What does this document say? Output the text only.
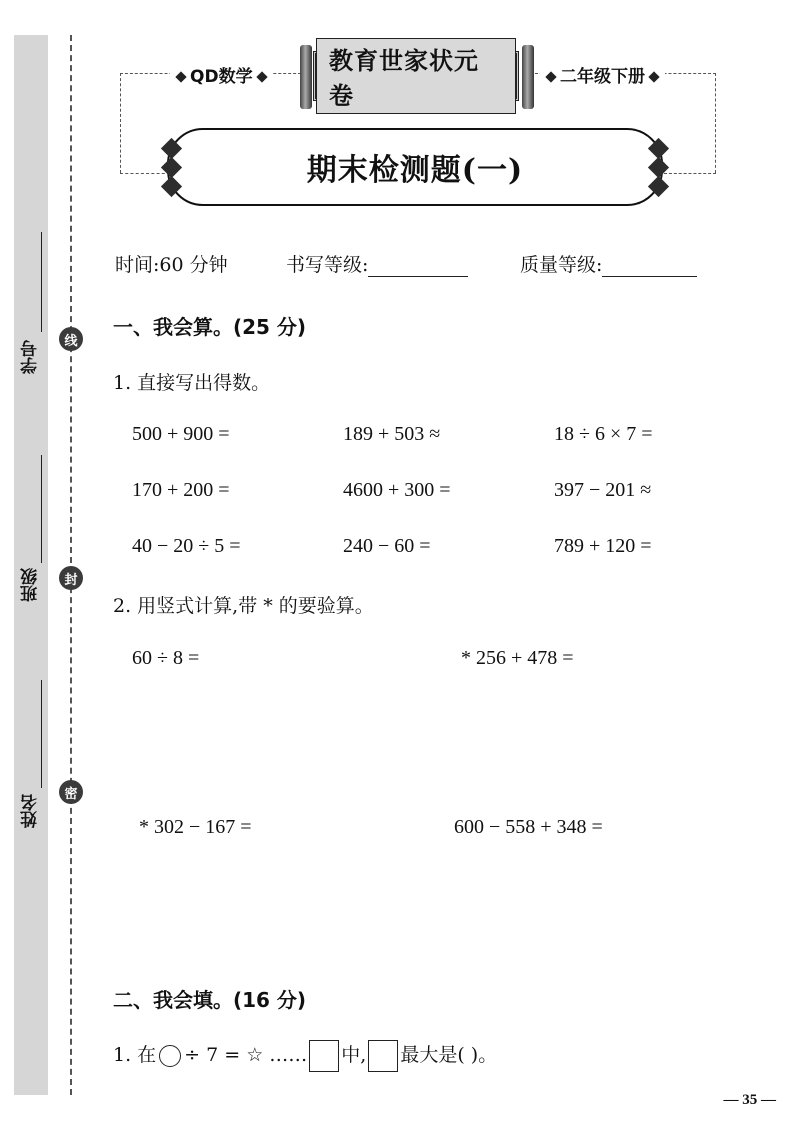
学号
班级
姓名
线
封
密
QD数学	二年级下册
教育世家状元卷
期末检测题(一)
时间:60 分钟	书写等级:	质量等级:
一、我会算。(25 分)
1. 直接写出得数。
500 + 900 =	189 + 503 ≈	18 ÷ 6 × 7 =
170 + 200 =	4600 + 300 =	397 − 201 ≈
40 − 20 ÷ 5 =	240 − 60 =	789 + 120 =
2. 用竖式计算,带 * 的要验算。
60 ÷ 8 =	* 256 + 478 =
* 302 − 167 =	600 − 558 + 348 =
二、我会填。(16 分)
1. 在 ÷ 7 = ☆ …… 中, 最大是( )。
— 35 —
